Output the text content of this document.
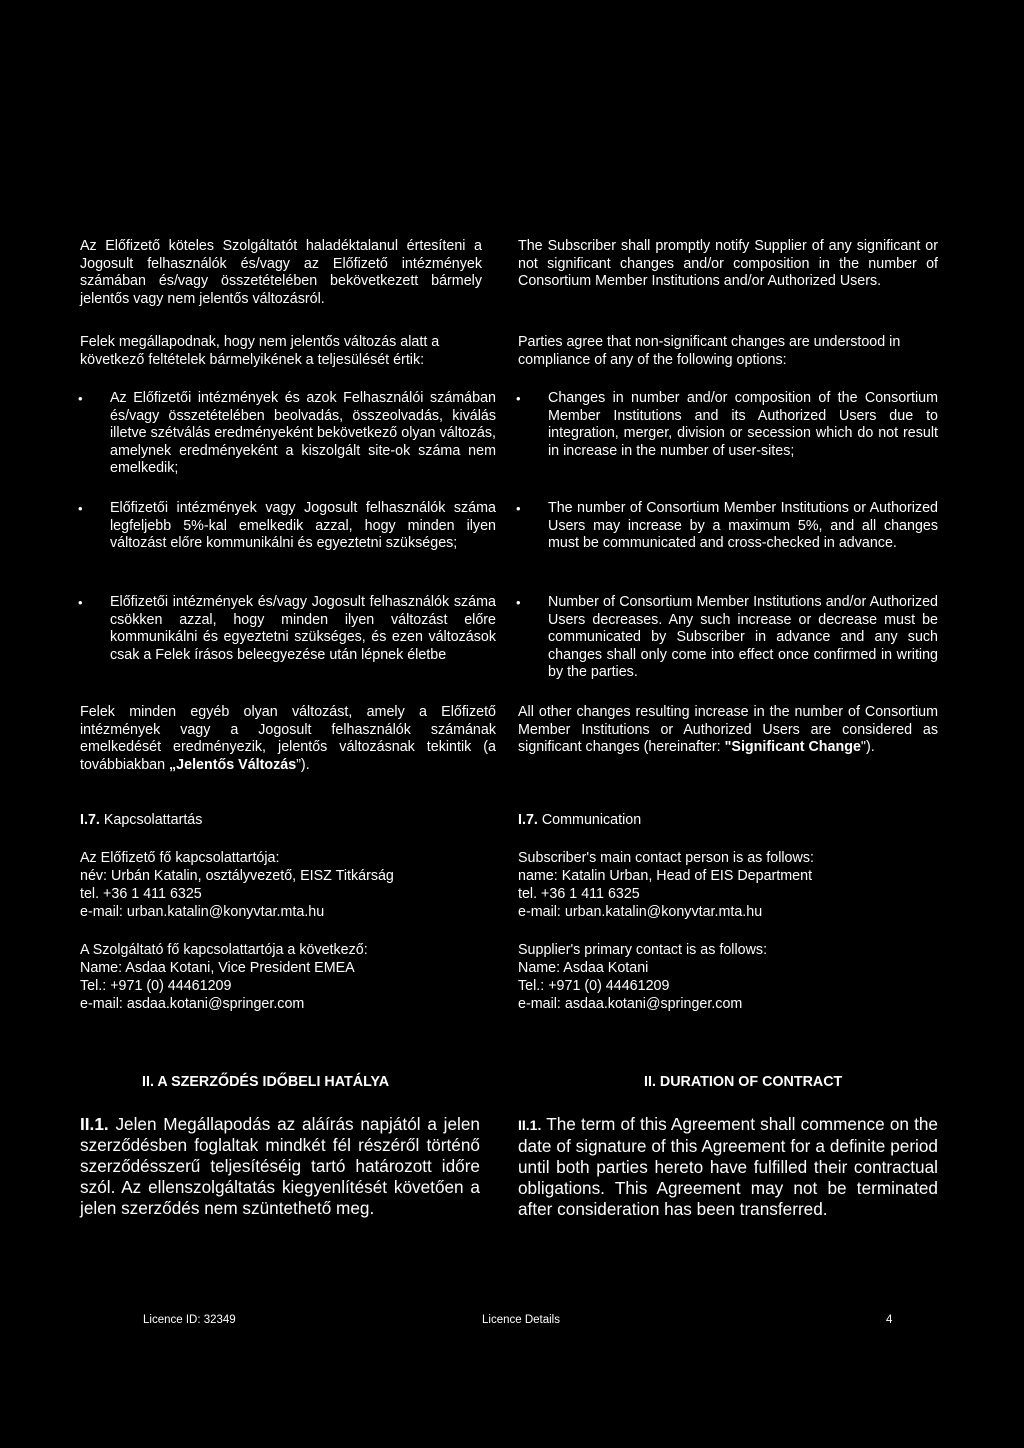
Az Előfizető köteles Szolgáltatót haladéktalanul értesíteni a Jogosult felhasználók és/vagy az Előfizető intézmények számában és/vagy összetételében bekövetkezett bármely jelentős vagy nem jelentős változásról.

Felek megállapodnak, hogy nem jelentős változás alatt a következő feltételek bármelyikének a teljesülését értik:

• Az Előfizetői intézmények és azok Felhasználói számában és/vagy összetételében beolvadás, összeolvadás, kiválás illetve szétválás eredményeként bekövetkező olyan változás, amelynek eredményeként a kiszolgált site-ok száma nem emelkedik;

• Előfizetői intézmények vagy Jogosult felhasználók száma legfeljebb 5%-kal emelkedik azzal, hogy minden ilyen változást előre kommunikálni és egyeztetni szükséges;

• Előfizetői intézmények és/vagy Jogosult felhasználók száma csökken azzal, hogy minden ilyen változást előre kommunikálni és egyeztetni szükséges, és ezen változások csak a Felek írásos beleegyezése után lépnek életbe

Felek minden egyéb olyan változást, amely a Előfizető intézmények vagy a Jogosult felhasználók számának emelkedését eredményezik, jelentős változásnak tekintik (a továbbiakban „Jelentős Változás”).

I.7. Kapcsolattartás
Az Előfizető fő kapcsolattartója:
név: Urbán Katalin, osztályvezető, EISZ Titkárság
tel. +36 1 411 6325
e-mail: urban.katalin@konyvtar.mta.hu
A Szolgáltató fő kapcsolattartója a következő:
Name: Asdaa Kotani, Vice President EMEA
Tel.: +971 (0) 44461209
e-mail: asdaa.kotani@springer.com
II. A SZERZŐDÉS IDŐBELI HATÁLYA

II.1. Jelen Megállapodás az aláírás napjától a jelen szerződésben foglaltak mindkét fél részéről történő szerződésszerű teljesítéséig tartó határozott időre szól. Az ellenszolgáltatás kiegyenlítését követően a jelen szerződés nem szüntethető meg.

The Subscriber shall promptly notify Supplier of any significant or not significant changes and/or composition in the number of Consortium Member Institutions and/or Authorized Users.

Parties agree that non-significant changes are understood in compliance of any of the following options:

• Changes in number and/or composition of the Consortium Member Institutions and its Authorized Users due to integration, merger, division or secession which do not result in increase in the number of user-sites;

• The number of Consortium Member Institutions or Authorized Users may increase by a maximum 5%, and all changes must be communicated and cross-checked in advance.

• Number of Consortium Member Institutions and/or Authorized Users decreases. Any such increase or decrease must be communicated by Subscriber in advance and any such changes shall only come into effect once confirmed in writing by the parties.

All other changes resulting increase in the number of Consortium Member Institutions or Authorized Users are considered as significant changes (hereinafter: "Significant Change").

I.7. Communication
Subscriber's main contact person is as follows:
name: Katalin Urban, Head of EIS Department
tel. +36 1 411 6325
e-mail: urban.katalin@konyvtar.mta.hu
Supplier's primary contact is as follows:
Name: Asdaa Kotani
Tel.: +971 (0) 44461209
e-mail: asdaa.kotani@springer.com
II. DURATION OF CONTRACT

II.1. The term of this Agreement shall commence on the date of signature of this Agreement for a definite period until both parties hereto have fulfilled their contractual obligations. This Agreement may not be terminated after consideration has been transferred.

Licence ID: 32349	Licence Details	4
